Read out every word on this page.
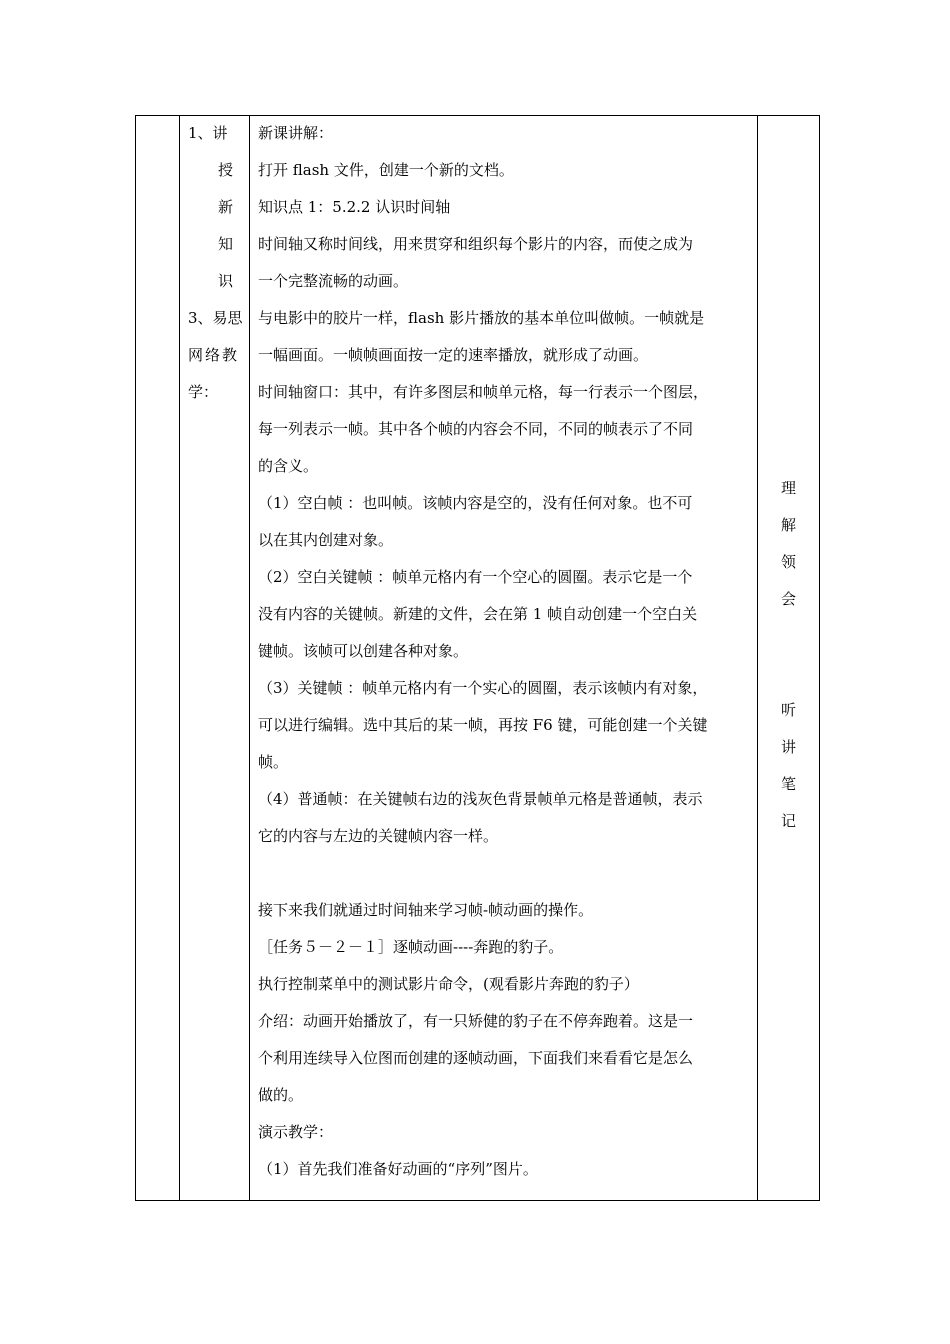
1、讲
授
新
知
识
3、易思
网络教
学：
新课讲解：
打开 flash 文件，创建一个新的文档。
知识点 1：5.2.2 认识时间轴
时间轴又称时间线，用来贯穿和组织每个影片的内容，而使之成为
一个完整流畅的动画。
与电影中的胶片一样，flash 影片播放的基本单位叫做帧。一帧就是
一幅画面。一帧帧画面按一定的速率播放，就形成了动画。
时间轴窗口：其中，有许多图层和帧单元格，每一行表示一个图层，
每一列表示一帧。其中各个帧的内容会不同，不同的帧表示了不同
的含义。
（1）空白帧 ：也叫帧。该帧内容是空的，没有任何对象。也不可
以在其内创建对象。
（2）空白关键帧 ：帧单元格内有一个空心的圆圈。表示它是一个
没有内容的关键帧。新建的文件，会在第 1 帧自动创建一个空白关
键帧。该帧可以创建各种对象。
（3）关键帧 ：帧单元格内有一个实心的圆圈，表示该帧内有对象，
可以进行编辑。选中其后的某一帧，再按 F6 键，可能创建一个关键
帧。
（4）普通帧：在关键帧右边的浅灰色背景帧单元格是普通帧，表示
它的内容与左边的关键帧内容一样。
接下来我们就通过时间轴来学习帧-帧动画的操作。
［任务５－２－１］逐帧动画----奔跑的豹子。
执行控制菜单中的测试影片命令，(观看影片奔跑的豹子）
介绍：动画开始播放了，有一只矫健的豹子在不停奔跑着。这是一
个利用连续导入位图而创建的逐帧动画，下面我们来看看它是怎么
做的。
演示教学：
（1）首先我们准备好动画的“序列”图片。
理
解
领
会
听
讲
笔
记
